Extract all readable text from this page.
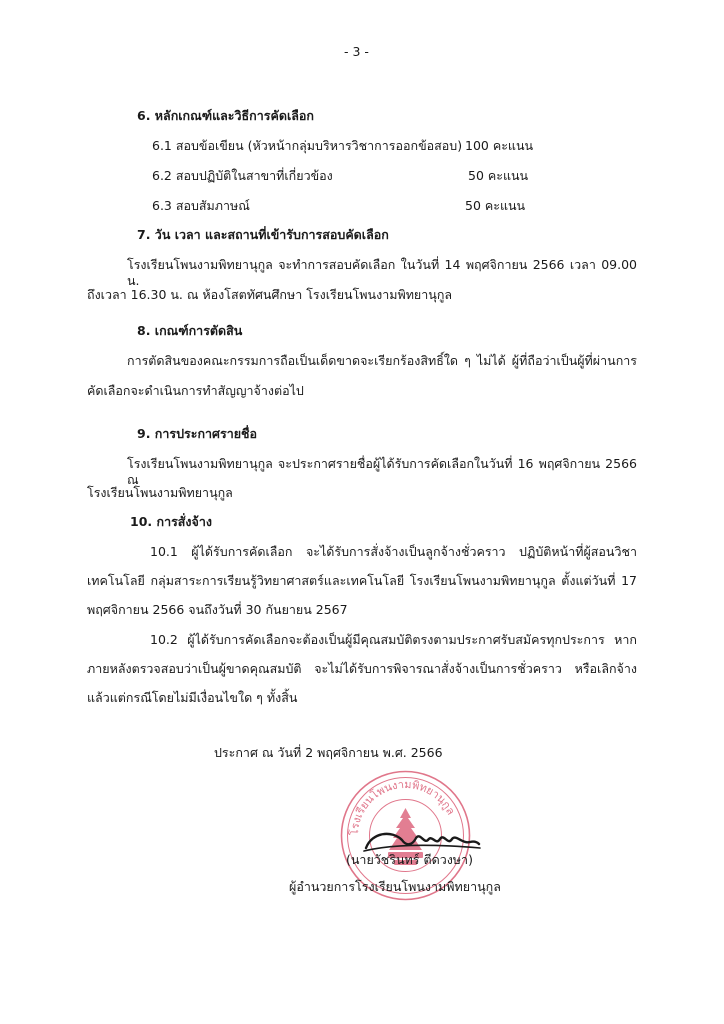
- 3 -
6. หลักเกณฑ์และวิธีการคัดเลือก
6.1 สอบข้อเขียน (หัวหน้ากลุ่มบริหารวิชาการออกข้อสอบ) 100 คะแนน
6.2 สอบปฏิบัติในสาขาที่เกี่ยวข้อง	50 คะแนน
6.3 สอบสัมภาษณ์	50 คะแนน
7. วัน เวลา และสถานที่เข้ารับการสอบคัดเลือก
โรงเรียนโพนงามพิทยานุกูล จะทำการสอบคัดเลือก ในวันที่ 14 พฤศจิกายน 2566 เวลา 09.00 น.
ถึงเวลา 16.30 น. ณ ห้องโสตทัศนศึกษา โรงเรียนโพนงามพิทยานุกูล
8. เกณฑ์การตัดสิน
การตัดสินของคณะกรรมการถือเป็นเด็ดขาดจะเรียกร้องสิทธิ์ใด ๆ ไม่ได้ ผู้ที่ถือว่าเป็นผู้ที่ผ่านการ
คัดเลือกจะดำเนินการทำสัญญาจ้างต่อไป
9. การประกาศรายชื่อ
โรงเรียนโพนงามพิทยานุกูล จะประกาศรายชื่อผู้ได้รับการคัดเลือกในวันที่ 16 พฤศจิกายน 2566 ณ
โรงเรียนโพนงามพิทยานุกูล
10. การสั่งจ้าง
10.1 ผู้ได้รับการคัดเลือก จะได้รับการสั่งจ้างเป็นลูกจ้างชั่วคราว ปฏิบัติหน้าที่ผู้สอนวิชา
เทคโนโลยี กลุ่มสาระการเรียนรู้วิทยาศาสตร์และเทคโนโลยี โรงเรียนโพนงามพิทยานุกูล ตั้งแต่วันที่ 17
พฤศจิกายน 2566 จนถึงวันที่ 30 กันยายน 2567
10.2 ผู้ได้รับการคัดเลือกจะต้องเป็นผู้มีคุณสมบัติตรงตามประกาศรับสมัครทุกประการ หาก
ภายหลังตรวจสอบว่าเป็นผู้ขาดคุณสมบัติ จะไม่ได้รับการพิจารณาสั่งจ้างเป็นการชั่วคราว หรือเลิกจ้าง
แล้วแต่กรณีโดยไม่มีเงื่อนไขใด ๆ ทั้งสิ้น
ประกาศ ณ วันที่ 2 พฤศจิกายน พ.ศ. 2566
โรงเรียนโพนงามพิทยานุกูล
(นายวัชรินทร์ ตีดวงษา)
ผู้อำนวยการโรงเรียนโพนงามพิทยานุกูล
